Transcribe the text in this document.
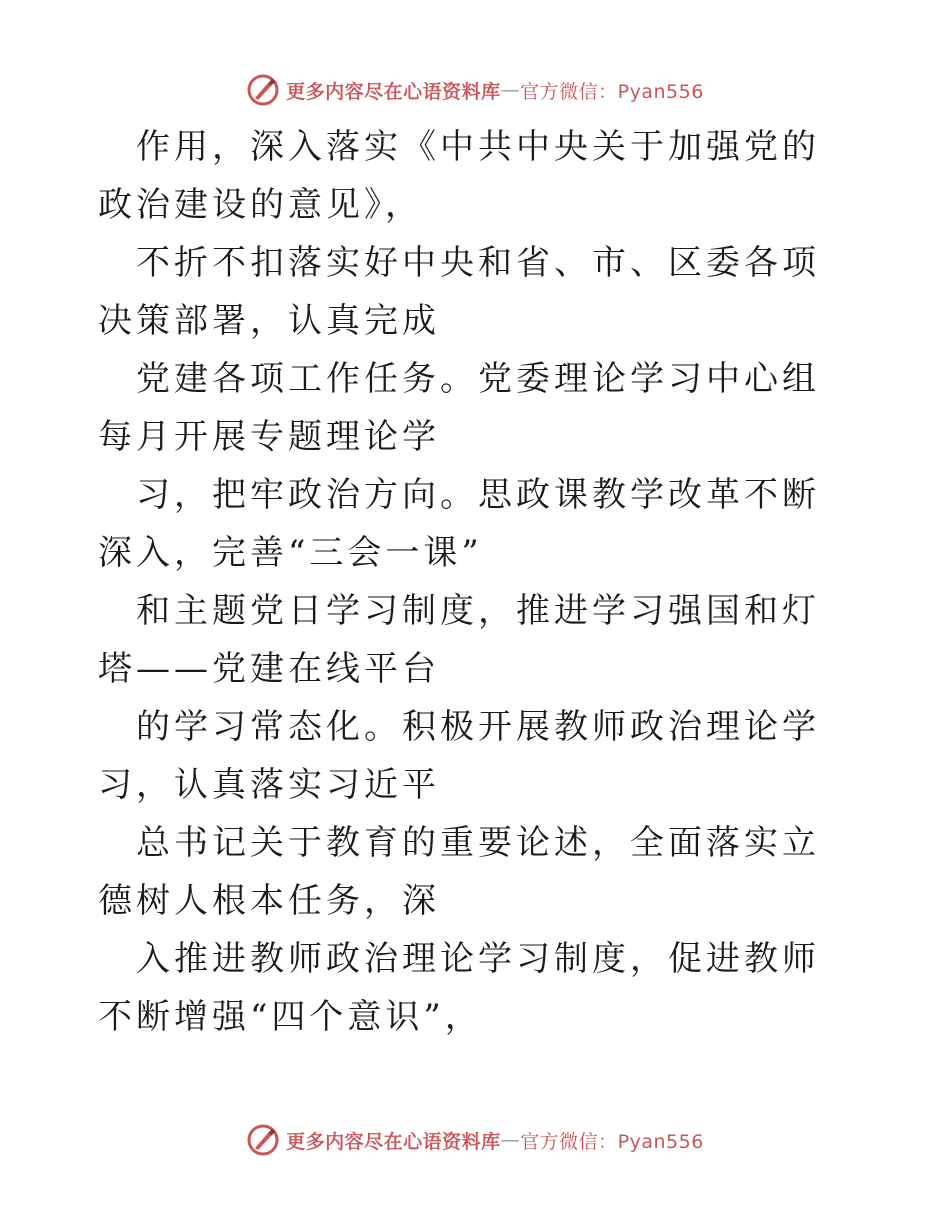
更多内容尽在心语资料库 — 官方微信：Pyan556

作用，深入落实《中共中央关于加强党的政治建设的意见》，

不折不扣落实好中央和省、市、区委各项决策部署，认真完成

党建各项工作任务。党委理论学习中心组每月开展专题理论学

习，把牢政治方向。思政课教学改革不断深入，完善“三会一课”

和主题党日学习制度，推进学习强国和灯塔——党建在线平台

的学习常态化。积极开展教师政治理论学习，认真落实习近平

总书记关于教育的重要论述，全面落实立德树人根本任务，深

入推进教师政治理论学习制度，促进教师不断增强“四个意识”，

更多内容尽在心语资料库 — 官方微信：Pyan556
